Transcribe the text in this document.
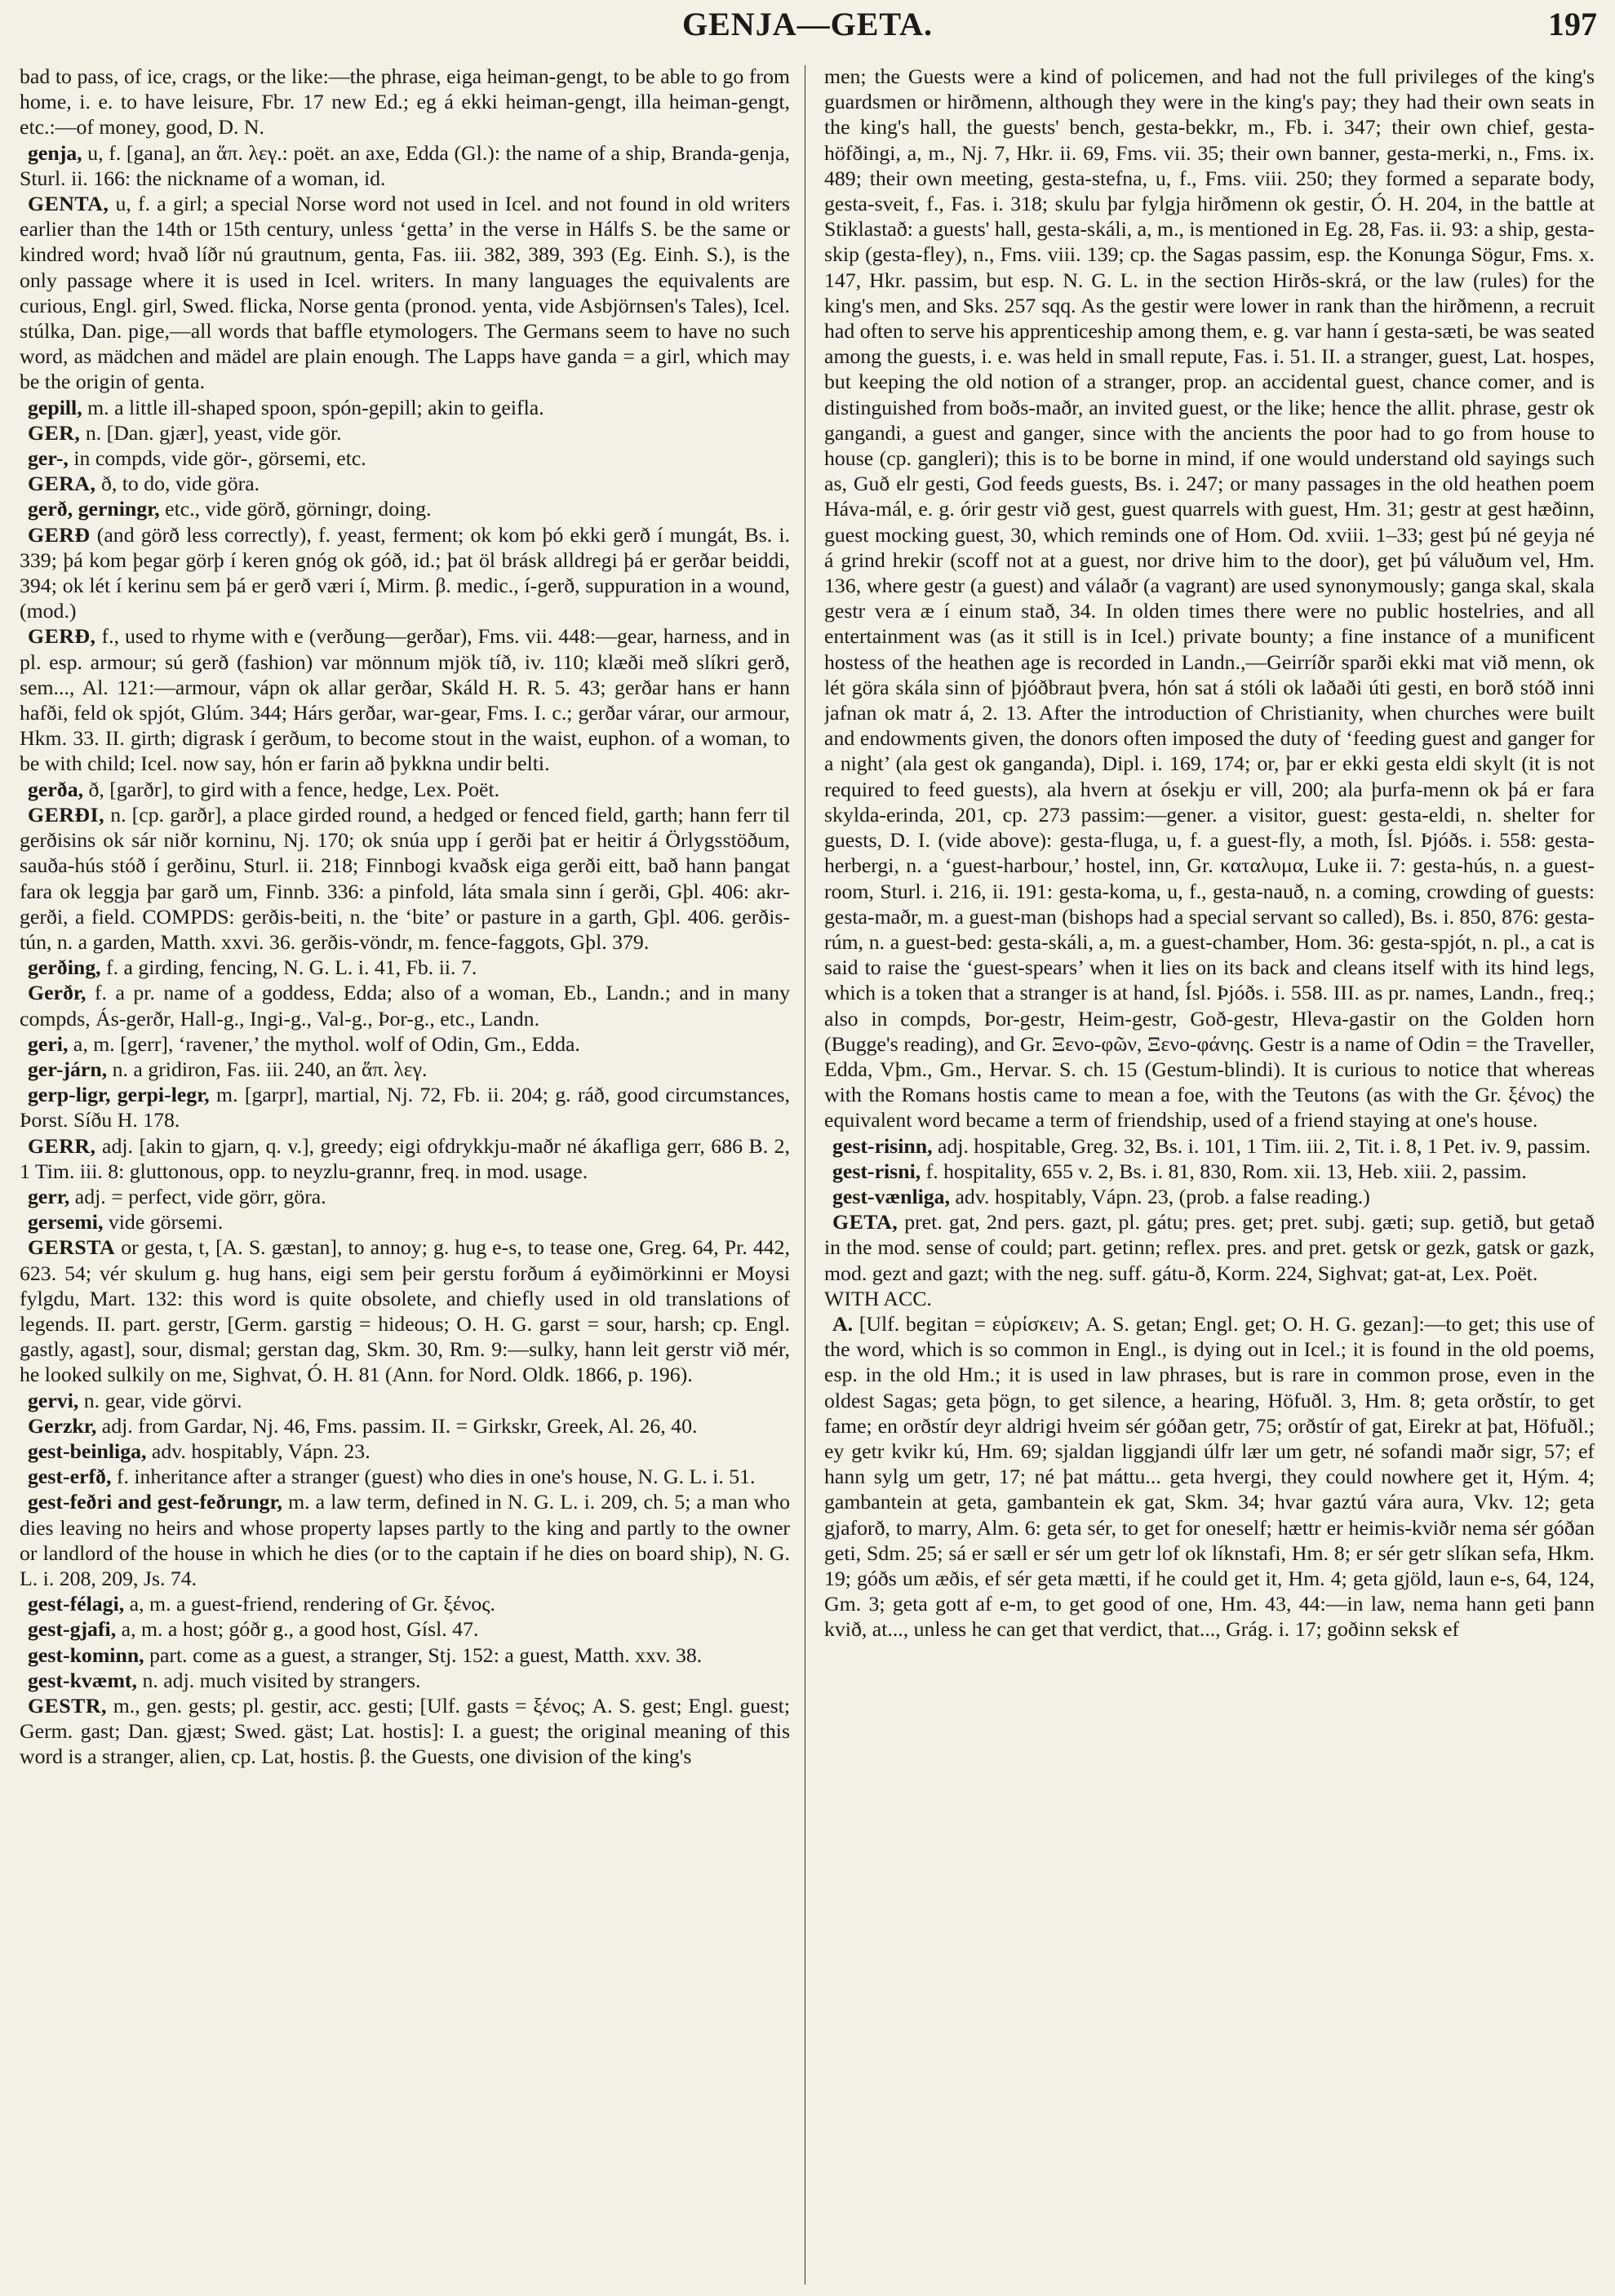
GENJA—GETA.	197

bad to pass, of ice, crags, or the like:—the phrase, eiga heiman-gengt, to be able to go from home, i. e. to have leisure, Fbr. 17 new Ed.; eg á ekki heiman-gengt, illa heiman-gengt, etc.:—of money, good, D. N.

genja, u, f. [gana], an ἅπ. λεγ.: poët. an axe, Edda (Gl.): the name of a ship, Branda-genja, Sturl. ii. 166: the nickname of a woman, id.

GENTA, u, f. a girl; a special Norse word not used in Icel. and not found in old writers earlier than the 14th or 15th century, unless ‘getta’ in the verse in Hálfs S. be the same or kindred word; hvað líðr nú grautnum, genta, Fas. iii. 382, 389, 393 (Eg. Einh. S.), is the only passage where it is used in Icel. writers. In many languages the equivalents are curious, Engl. girl, Swed. flicka, Norse genta (pronod. yenta, vide Asbjörnsen's Tales), Icel. stúlka, Dan. pige,—all words that baffle etymologers. The Germans seem to have no such word, as mädchen and mädel are plain enough. The Lapps have ganda = a girl, which may be the origin of genta.

gepill, m. a little ill-shaped spoon, spón-gepill; akin to geifla.

GER, n. [Dan. gjær], yeast, vide gör.

ger-, in compds, vide gör-, görsemi, etc.

GERA, ð, to do, vide göra.

gerð, gerningr, etc., vide görð, görningr, doing.

GERÐ (and görð less correctly), f. yeast, ferment; ok kom þó ekki gerð í mungát, Bs. i. 339; þá kom þegar görþ í keren gnóg ok góð, id.; þat öl brásk alldregi þá er gerðar beiddi, 394; ok lét í kerinu sem þá er gerð væri í, Mirm. β. medic., í-gerð, suppuration in a wound, (mod.)

GERÐ, f., used to rhyme with e (verðung—gerðar), Fms. vii. 448:—gear, harness, and in pl. esp. armour; sú gerð (fashion) var mönnum mjök tíð, iv. 110; klæði með slíkri gerð, sem..., Al. 121:—armour, vápn ok allar gerðar, Skáld H. R. 5. 43; gerðar hans er hann hafði, feld ok spjót, Glúm. 344; Hárs gerðar, war-gear, Fms. I. c.; gerðar várar, our armour, Hkm. 33. II. girth; digrask í gerðum, to become stout in the waist, euphon. of a woman, to be with child; Icel. now say, hón er farin að þykkna undir belti.

gerða, ð, [garðr], to gird with a fence, hedge, Lex. Poët.

GERÐI, n. [cp. garðr], a place girded round, a hedged or fenced field, garth; hann ferr til gerðisins ok sár niðr korninu, Nj. 170; ok snúa upp í gerði þat er heitir á Örlygsstöðum, sauða-hús stóð í gerðinu, Sturl. ii. 218; Finnbogi kvaðsk eiga gerði eitt, bað hann þangat fara ok leggja þar garð um, Finnb. 336: a pinfold, láta smala sinn í gerði, Gþl. 406: akr-gerði, a field. COMPDS: gerðis-beiti, n. the ‘bite’ or pasture in a garth, Gþl. 406. gerðis-tún, n. a garden, Matth. xxvi. 36. gerðis-vöndr, m. fence-faggots, Gþl. 379.

gerðing, f. a girding, fencing, N. G. L. i. 41, Fb. ii. 7.

Gerðr, f. a pr. name of a goddess, Edda; also of a woman, Eb., Landn.; and in many compds, Ás-gerðr, Hall-g., Ingi-g., Val-g., Þor-g., etc., Landn.

geri, a, m. [gerr], ‘ravener,’ the mythol. wolf of Odin, Gm., Edda.

ger-járn, n. a gridiron, Fas. iii. 240, an ἅπ. λεγ.

gerp-ligr, gerpi-legr, m. [garpr], martial, Nj. 72, Fb. ii. 204; g. ráð, good circumstances, Þorst. Síðu H. 178.

GERR, adj. [akin to gjarn, q. v.], greedy; eigi ofdrykkju-maðr né ákafliga gerr, 686 B. 2, 1 Tim. iii. 8: gluttonous, opp. to neyzlu-grannr, freq. in mod. usage.

gerr, adj. = perfect, vide görr, göra.

gersemi, vide görsemi.

GERSTA or gesta, t, [A. S. gæstan], to annoy; g. hug e-s, to tease one, Greg. 64, Pr. 442, 623. 54; vér skulum g. hug hans, eigi sem þeir gerstu forðum á eyðimörkinni er Moysi fylgdu, Mart. 132: this word is quite obsolete, and chiefly used in old translations of legends. II. part. gerstr, [Germ. garstig = hideous; O. H. G. garst = sour, harsh; cp. Engl. gastly, agast], sour, dismal; gerstan dag, Skm. 30, Rm. 9:—sulky, hann leit gerstr við mér, he looked sulkily on me, Sighvat, Ó. H. 81 (Ann. for Nord. Oldk. 1866, p. 196).

gervi, n. gear, vide görvi.

Gerzkr, adj. from Gardar, Nj. 46, Fms. passim. II. = Girkskr, Greek, Al. 26, 40.

gest-beinliga, adv. hospitably, Vápn. 23.

gest-erfð, f. inheritance after a stranger (guest) who dies in one's house, N. G. L. i. 51.

gest-feðri and gest-feðrungr, m. a law term, defined in N. G. L. i. 209, ch. 5; a man who dies leaving no heirs and whose property lapses partly to the king and partly to the owner or landlord of the house in which he dies (or to the captain if he dies on board ship), N. G. L. i. 208, 209, Js. 74.

gest-félagi, a, m. a guest-friend, rendering of Gr. ξένος.

gest-gjafi, a, m. a host; góðr g., a good host, Gísl. 47.

gest-kominn, part. come as a guest, a stranger, Stj. 152: a guest, Matth. xxv. 38.

gest-kvæmt, n. adj. much visited by strangers.

GESTR, m., gen. gests; pl. gestir, acc. gesti; [Ulf. gasts = ξένος; A. S. gest; Engl. guest; Germ. gast; Dan. gjæst; Swed. gäst; Lat. hostis]: I. a guest; the original meaning of this word is a stranger, alien, cp. Lat, hostis. β. the Guests, one division of the king's

men; the Guests were a kind of policemen, and had not the full privileges of the king's guardsmen or hirðmenn, although they were in the king's pay; they had their own seats in the king's hall, the guests' bench, gesta-bekkr, m., Fb. i. 347; their own chief, gesta-höfðingi, a, m., Nj. 7, Hkr. ii. 69, Fms. vii. 35; their own banner, gesta-merki, n., Fms. ix. 489; their own meeting, gesta-stefna, u, f., Fms. viii. 250; they formed a separate body, gesta-sveit, f., Fas. i. 318; skulu þar fylgja hirðmenn ok gestir, Ó. H. 204, in the battle at Stiklastað: a guests' hall, gesta-skáli, a, m., is mentioned in Eg. 28, Fas. ii. 93: a ship, gesta-skip (gesta-fley), n., Fms. viii. 139; cp. the Sagas passim, esp. the Konunga Sögur, Fms. x. 147, Hkr. passim, but esp. N. G. L. in the section Hirðs-skrá, or the law (rules) for the king's men, and Sks. 257 sqq. As the gestir were lower in rank than the hirðmenn, a recruit had often to serve his apprenticeship among them, e. g. var hann í gesta-sæti, be was seated among the guests, i. e. was held in small repute, Fas. i. 51. II. a stranger, guest, Lat. hospes, but keeping the old notion of a stranger, prop. an accidental guest, chance comer, and is distinguished from boðs-maðr, an invited guest, or the like; hence the allit. phrase, gestr ok gangandi, a guest and ganger, since with the ancients the poor had to go from house to house (cp. gangleri); this is to be borne in mind, if one would understand old sayings such as, Guð elr gesti, God feeds guests, Bs. i. 247; or many passages in the old heathen poem Háva-mál, e. g. órir gestr við gest, guest quarrels with guest, Hm. 31; gestr at gest hæðinn, guest mocking guest, 30, which reminds one of Hom. Od. xviii. 1–33; gest þú né geyja né á grind hrekir (scoff not at a guest, nor drive him to the door), get þú váluðum vel, Hm. 136, where gestr (a guest) and válaðr (a vagrant) are used synonymously; ganga skal, skala gestr vera æ í einum stað, 34. In olden times there were no public hostelries, and all entertainment was (as it still is in Icel.) private bounty; a fine instance of a munificent hostess of the heathen age is recorded in Landn.,—Geirríðr sparði ekki mat við menn, ok lét göra skála sinn of þjóðbraut þvera, hón sat á stóli ok laðaði úti gesti, en borð stóð inni jafnan ok matr á, 2. 13. After the introduction of Christianity, when churches were built and endowments given, the donors often imposed the duty of ‘feeding guest and ganger for a night’ (ala gest ok ganganda), Dipl. i. 169, 174; or, þar er ekki gesta eldi skylt (it is not required to feed guests), ala hvern at ósekju er vill, 200; ala þurfa-menn ok þá er fara skylda-erinda, 201, cp. 273 passim:—gener. a visitor, guest: gesta-eldi, n. shelter for guests, D. I. (vide above): gesta-fluga, u, f. a guest-fly, a moth, Ísl. Þjóðs. i. 558: gesta-herbergi, n. a ‘guest-harbour,’ hostel, inn, Gr. καταλυμα, Luke ii. 7: gesta-hús, n. a guest-room, Sturl. i. 216, ii. 191: gesta-koma, u, f., gesta-nauð, n. a coming, crowding of guests: gesta-maðr, m. a guest-man (bishops had a special servant so called), Bs. i. 850, 876: gesta-rúm, n. a guest-bed: gesta-skáli, a, m. a guest-chamber, Hom. 36: gesta-spjót, n. pl., a cat is said to raise the ‘guest-spears’ when it lies on its back and cleans itself with its hind legs, which is a token that a stranger is at hand, Ísl. Þjóðs. i. 558. III. as pr. names, Landn., freq.; also in compds, Þor-gestr, Heim-gestr, Goð-gestr, Hleva-gastir on the Golden horn (Bugge's reading), and Gr. Ξενο-φῶν, Ξενο-φάνης. Gestr is a name of Odin = the Traveller, Edda, Vþm., Gm., Hervar. S. ch. 15 (Gestum-blindi). It is curious to notice that whereas with the Romans hostis came to mean a foe, with the Teutons (as with the Gr. ξένος) the equivalent word became a term of friendship, used of a friend staying at one's house.

gest-risinn, adj. hospitable, Greg. 32, Bs. i. 101, 1 Tim. iii. 2, Tit. i. 8, 1 Pet. iv. 9, passim.

gest-risni, f. hospitality, 655 v. 2, Bs. i. 81, 830, Rom. xii. 13, Heb. xiii. 2, passim.

gest-vænliga, adv. hospitably, Vápn. 23, (prob. a false reading.)

GETA, pret. gat, 2nd pers. gazt, pl. gátu; pres. get; pret. subj. gæti; sup. getið, but getað in the mod. sense of could; part. getinn; reflex. pres. and pret. getsk or gezk, gatsk or gazk, mod. gezt and gazt; with the neg. suff. gátu-ð, Korm. 224, Sighvat; gat-at, Lex. Poët.

WITH ACC.

A. [Ulf. begitan = εὑρίσκειν; A. S. getan; Engl. get; O. H. G. gezan]:—to get; this use of the word, which is so common in Engl., is dying out in Icel.; it is found in the old poems, esp. in the old Hm.; it is used in law phrases, but is rare in common prose, even in the oldest Sagas; geta þögn, to get silence, a hearing, Höfuðl. 3, Hm. 8; geta orðstír, to get fame; en orðstír deyr aldrigi hveim sér góðan getr, 75; orðstír of gat, Eirekr at þat, Höfuðl.; ey getr kvikr kú, Hm. 69; sjaldan liggjandi úlfr lær um getr, né sofandi maðr sigr, 57; ef hann sylg um getr, 17; né þat máttu... geta hvergi, they could nowhere get it, Hým. 4; gambantein at geta, gambantein ek gat, Skm. 34; hvar gaztú vára aura, Vkv. 12; geta gjaforð, to marry, Alm. 6: geta sér, to get for oneself; hættr er heimis-kviðr nema sér góðan geti, Sdm. 25; sá er sæll er sér um getr lof ok líknstafi, Hm. 8; er sér getr slíkan sefa, Hkm. 19; góðs um æðis, ef sér geta mætti, if he could get it, Hm. 4; geta gjöld, laun e-s, 64, 124, Gm. 3; geta gott af e-m, to get good of one, Hm. 43, 44:—in law, nema hann geti þann kvið, at..., unless he can get that verdict, that..., Grág. i. 17; goðinn seksk ef
